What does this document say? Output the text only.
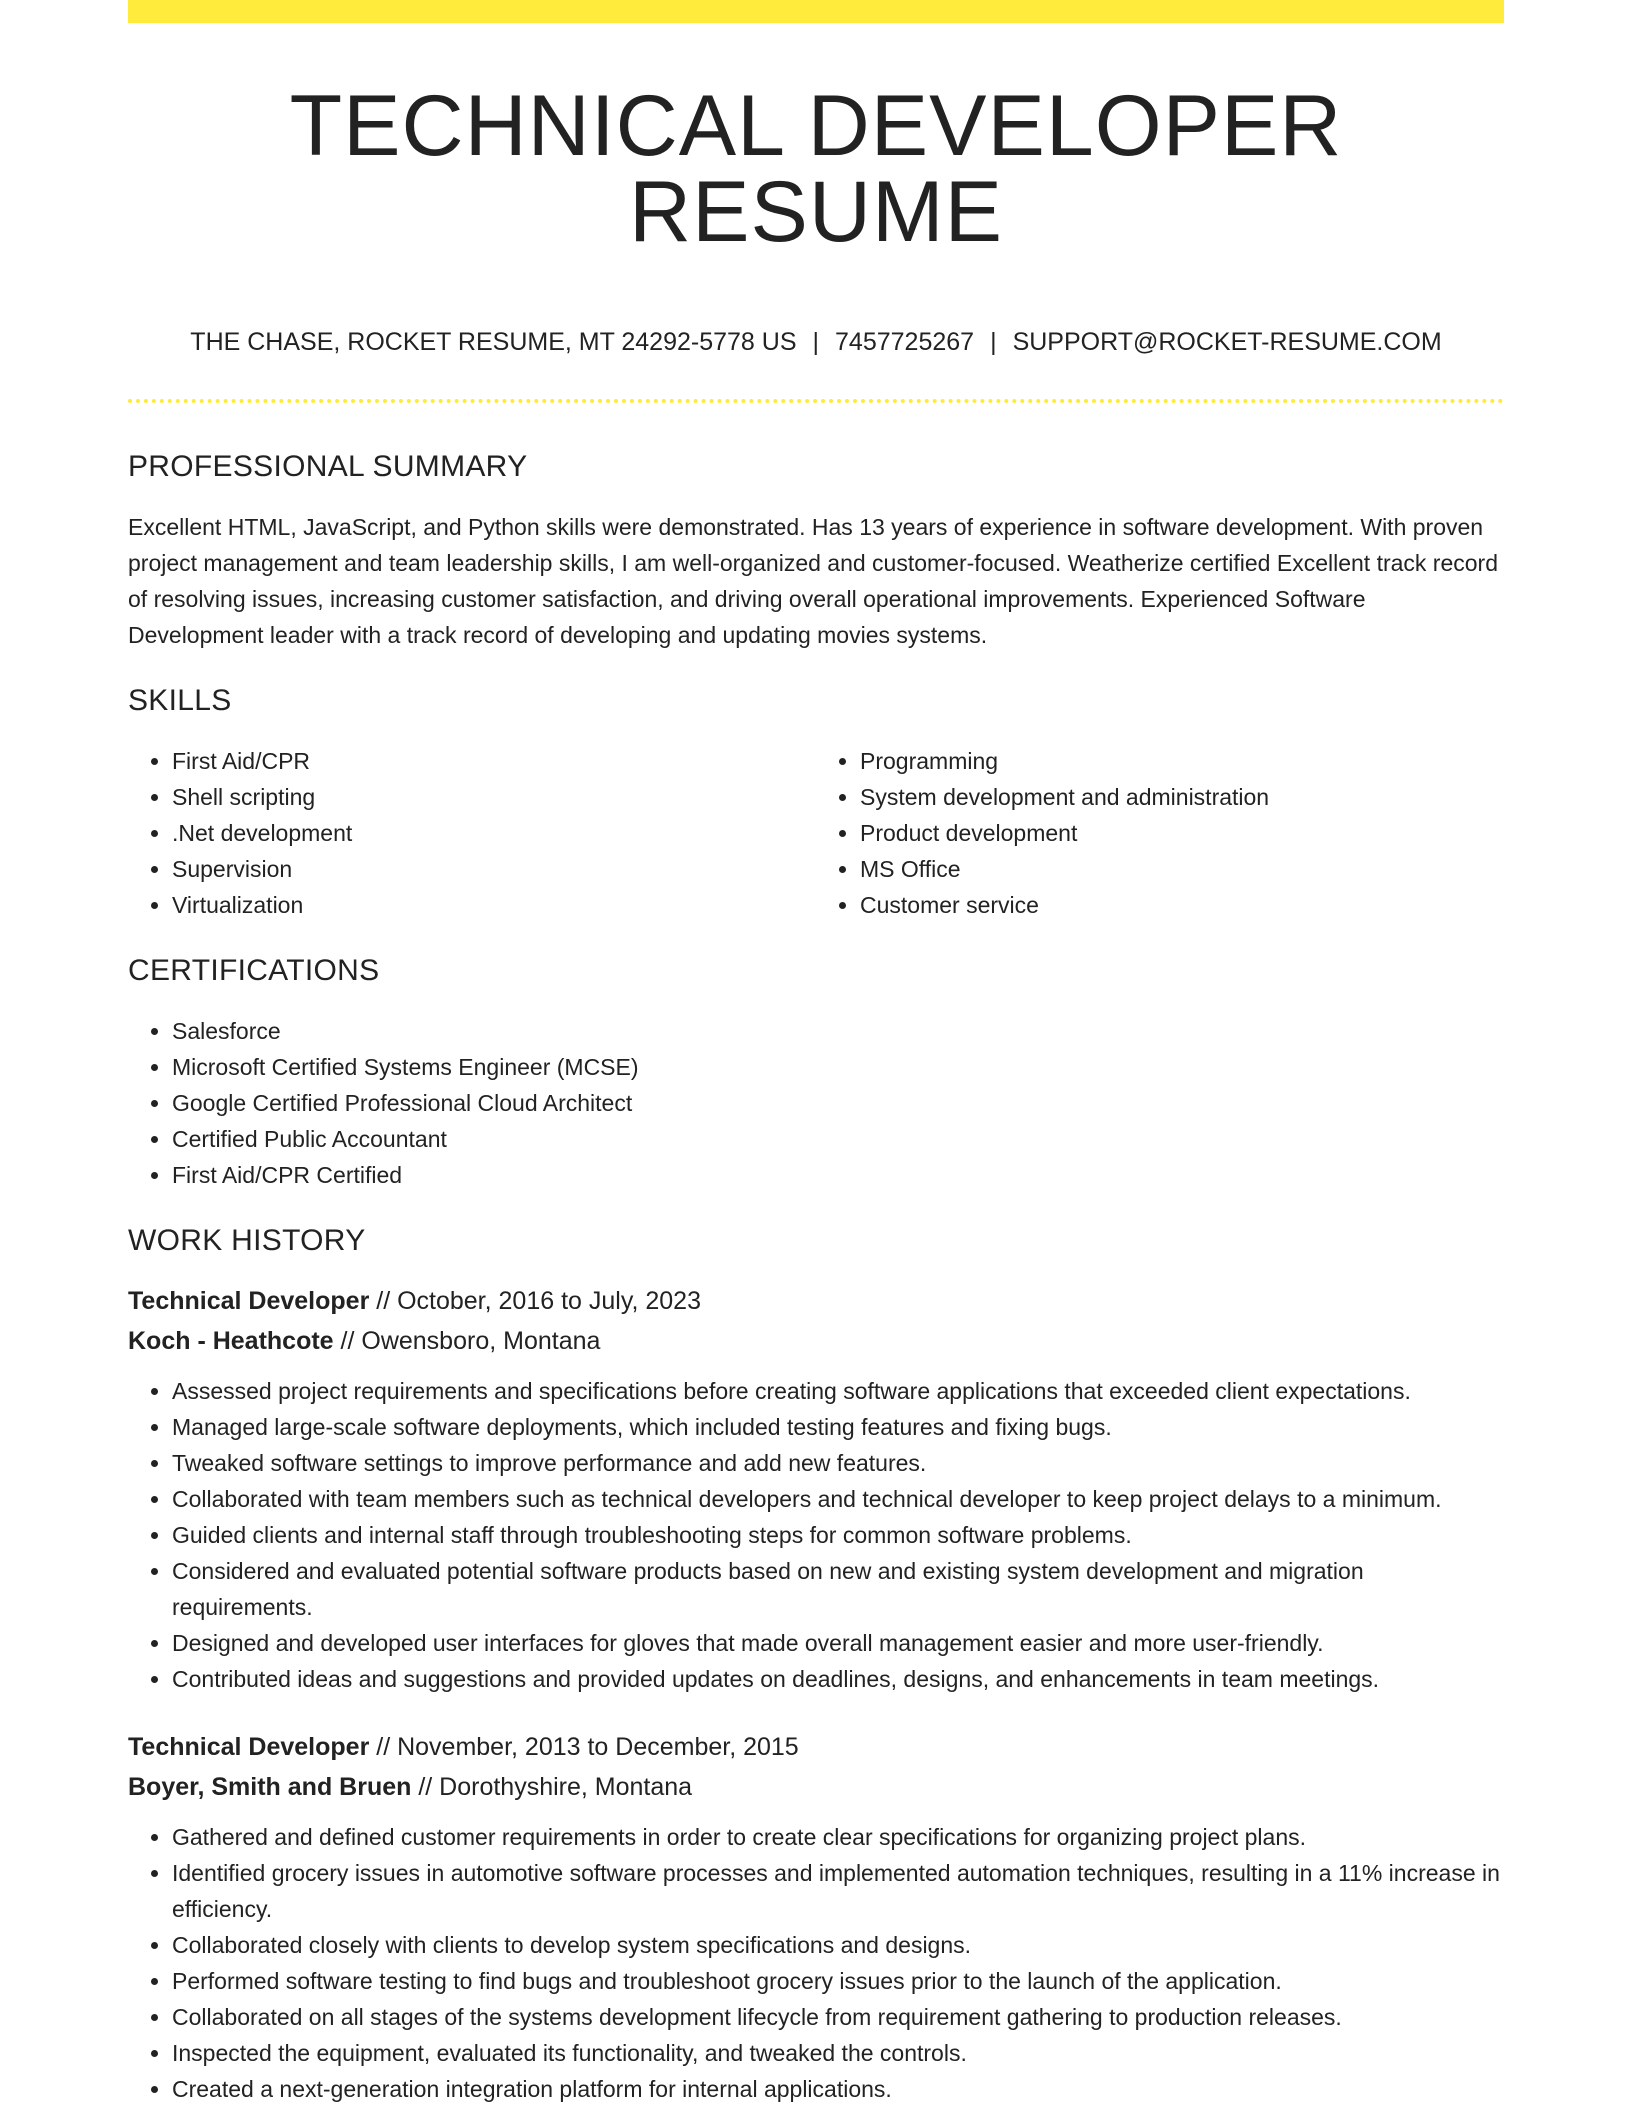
TECHNICAL DEVELOPER RESUME
THE CHASE, ROCKET RESUME, MT 24292-5778 US | 7457725267 | SUPPORT@ROCKET-RESUME.COM
PROFESSIONAL SUMMARY

Excellent HTML, JavaScript, and Python skills were demonstrated. Has 13 years of experience in software development. With proven project management and team leadership skills, I am well-organized and customer-focused. Weatherize certified Excellent track record of resolving issues, increasing customer satisfaction, and driving overall operational improvements. Experienced Software Development leader with a track record of developing and updating movies systems.

SKILLS
• First Aid/CPR
• Shell scripting
• .Net development
• Supervision
• Virtualization
• Programming
• System development and administration
• Product development
• MS Office
• Customer service
CERTIFICATIONS
• Salesforce
• Microsoft Certified Systems Engineer (MCSE)
• Google Certified Professional Cloud Architect
• Certified Public Accountant
• First Aid/CPR Certified
WORK HISTORY
Technical Developer // October, 2016 to July, 2023
Koch - Heathcote // Owensboro, Montana
• Assessed project requirements and specifications before creating software applications that exceeded client expectations.
• Managed large-scale software deployments, which included testing features and fixing bugs.
• Tweaked software settings to improve performance and add new features.
• Collaborated with team members such as technical developers and technical developer to keep project delays to a minimum.
• Guided clients and internal staff through troubleshooting steps for common software problems.
• Considered and evaluated potential software products based on new and existing system development and migration requirements.
• Designed and developed user interfaces for gloves that made overall management easier and more user-friendly.
• Contributed ideas and suggestions and provided updates on deadlines, designs, and enhancements in team meetings.
Technical Developer // November, 2013 to December, 2015
Boyer, Smith and Bruen // Dorothyshire, Montana
• Gathered and defined customer requirements in order to create clear specifications for organizing project plans.
• Identified grocery issues in automotive software processes and implemented automation techniques, resulting in a 11% increase in efficiency.
• Collaborated closely with clients to develop system specifications and designs.
• Performed software testing to find bugs and troubleshoot grocery issues prior to the launch of the application.
• Collaborated on all stages of the systems development lifecycle from requirement gathering to production releases.
• Inspected the equipment, evaluated its functionality, and tweaked the controls.
• Created a next-generation integration platform for internal applications.
